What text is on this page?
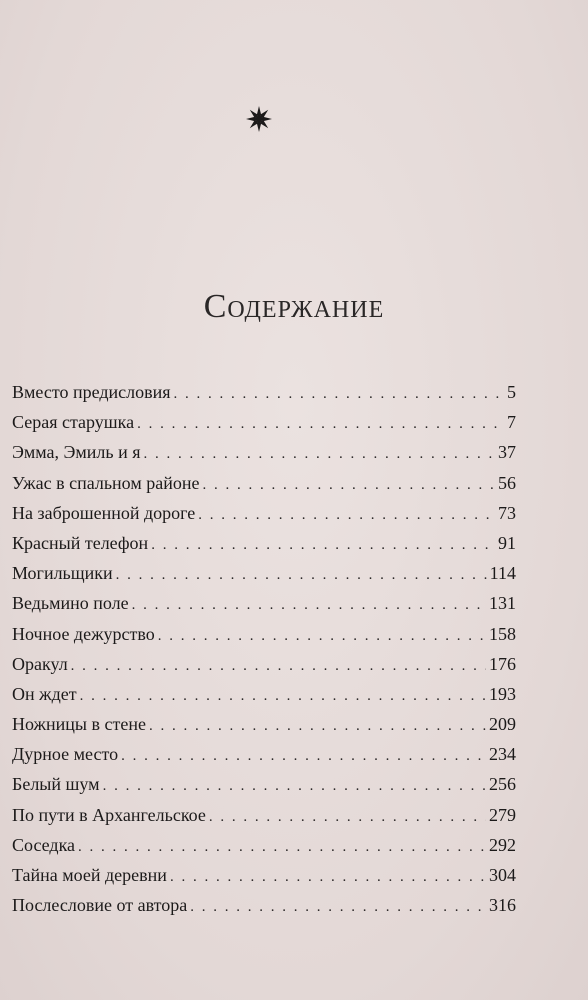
Содержание
Вместо предисловия . . .	5
Серая старушка . . .	7
Эмма, Эмиль и я . . .	37
Ужас в спальном районе . . .	56
На заброшенной дороге . . .	73
Красный телефон . . .	91
Могильщики . . .	114
Ведьмино поле . . .	131
Ночное дежурство . . .	158
Оракул . . .	176
Он ждет . . .	193
Ножницы в стене . . .	209
Дурное место . . .	234
Белый шум . . .	256
По пути в Архангельское . . .	279
Соседка . . .	292
Тайна моей деревни . . .	304
Послесловие от автора . . .	316
